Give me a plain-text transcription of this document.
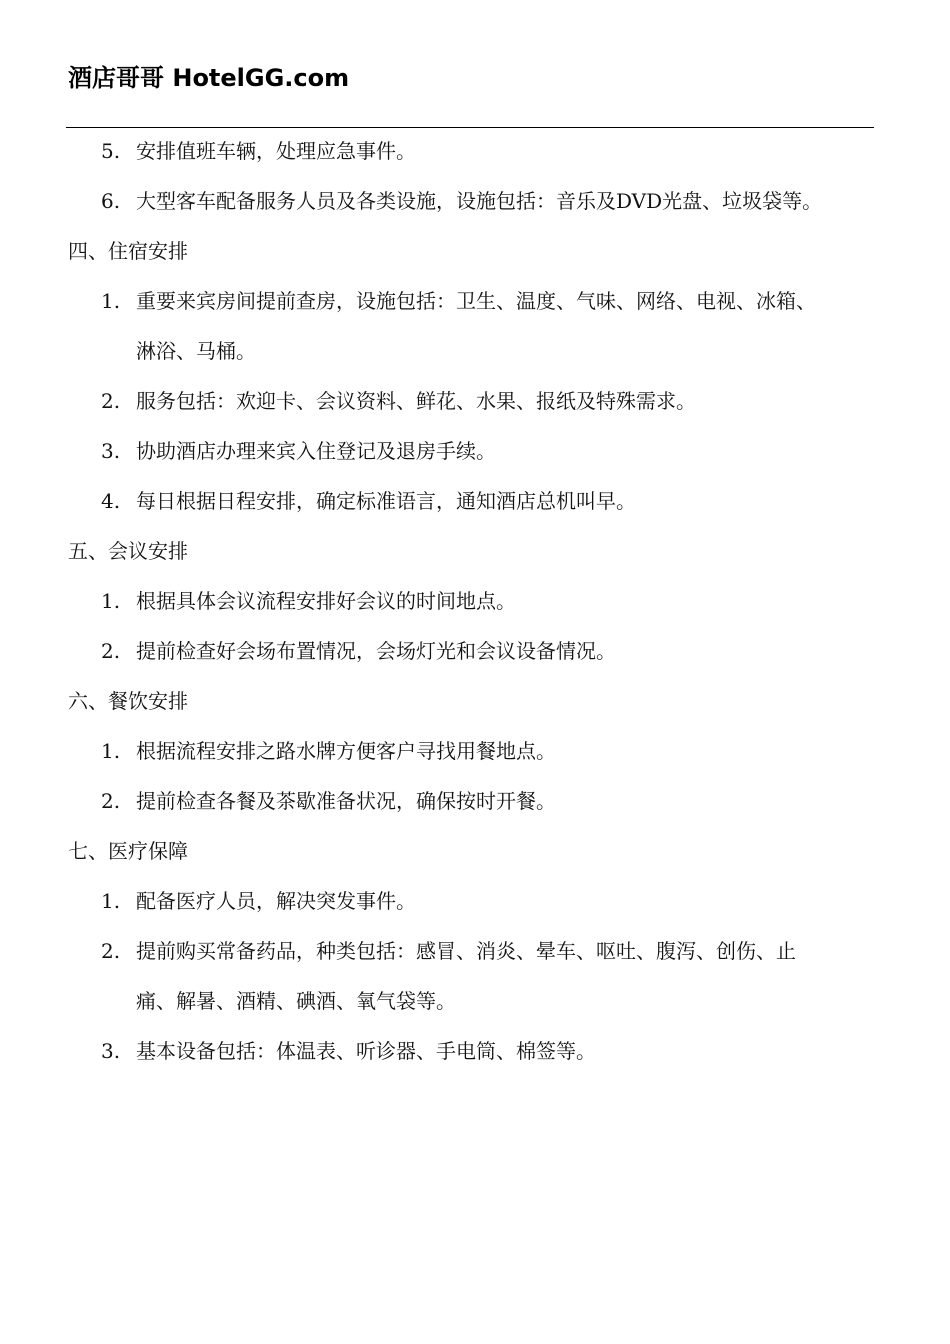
酒店哥哥 HotelGG.com
5. 安排值班车辆，处理应急事件。
6. 大型客车配备服务人员及各类设施，设施包括：音乐及DVD光盘、垃圾袋等。
四、住宿安排
1. 重要来宾房间提前查房，设施包括：卫生、温度、气味、网络、电视、冰箱、
淋浴、马桶。
2. 服务包括：欢迎卡、会议资料、鲜花、水果、报纸及特殊需求。
3. 协助酒店办理来宾入住登记及退房手续。
4. 每日根据日程安排，确定标准语言，通知酒店总机叫早。
五、会议安排
1. 根据具体会议流程安排好会议的时间地点。
2. 提前检查好会场布置情况，会场灯光和会议设备情况。
六、餐饮安排
1. 根据流程安排之路水牌方便客户寻找用餐地点。
2. 提前检查各餐及茶歇准备状况，确保按时开餐。
七、医疗保障
1. 配备医疗人员，解决突发事件。
2. 提前购买常备药品，种类包括：感冒、消炎、晕车、呕吐、腹泻、创伤、止
痛、解暑、酒精、碘酒、氧气袋等。
3. 基本设备包括：体温表、听诊器、手电筒、棉签等。
